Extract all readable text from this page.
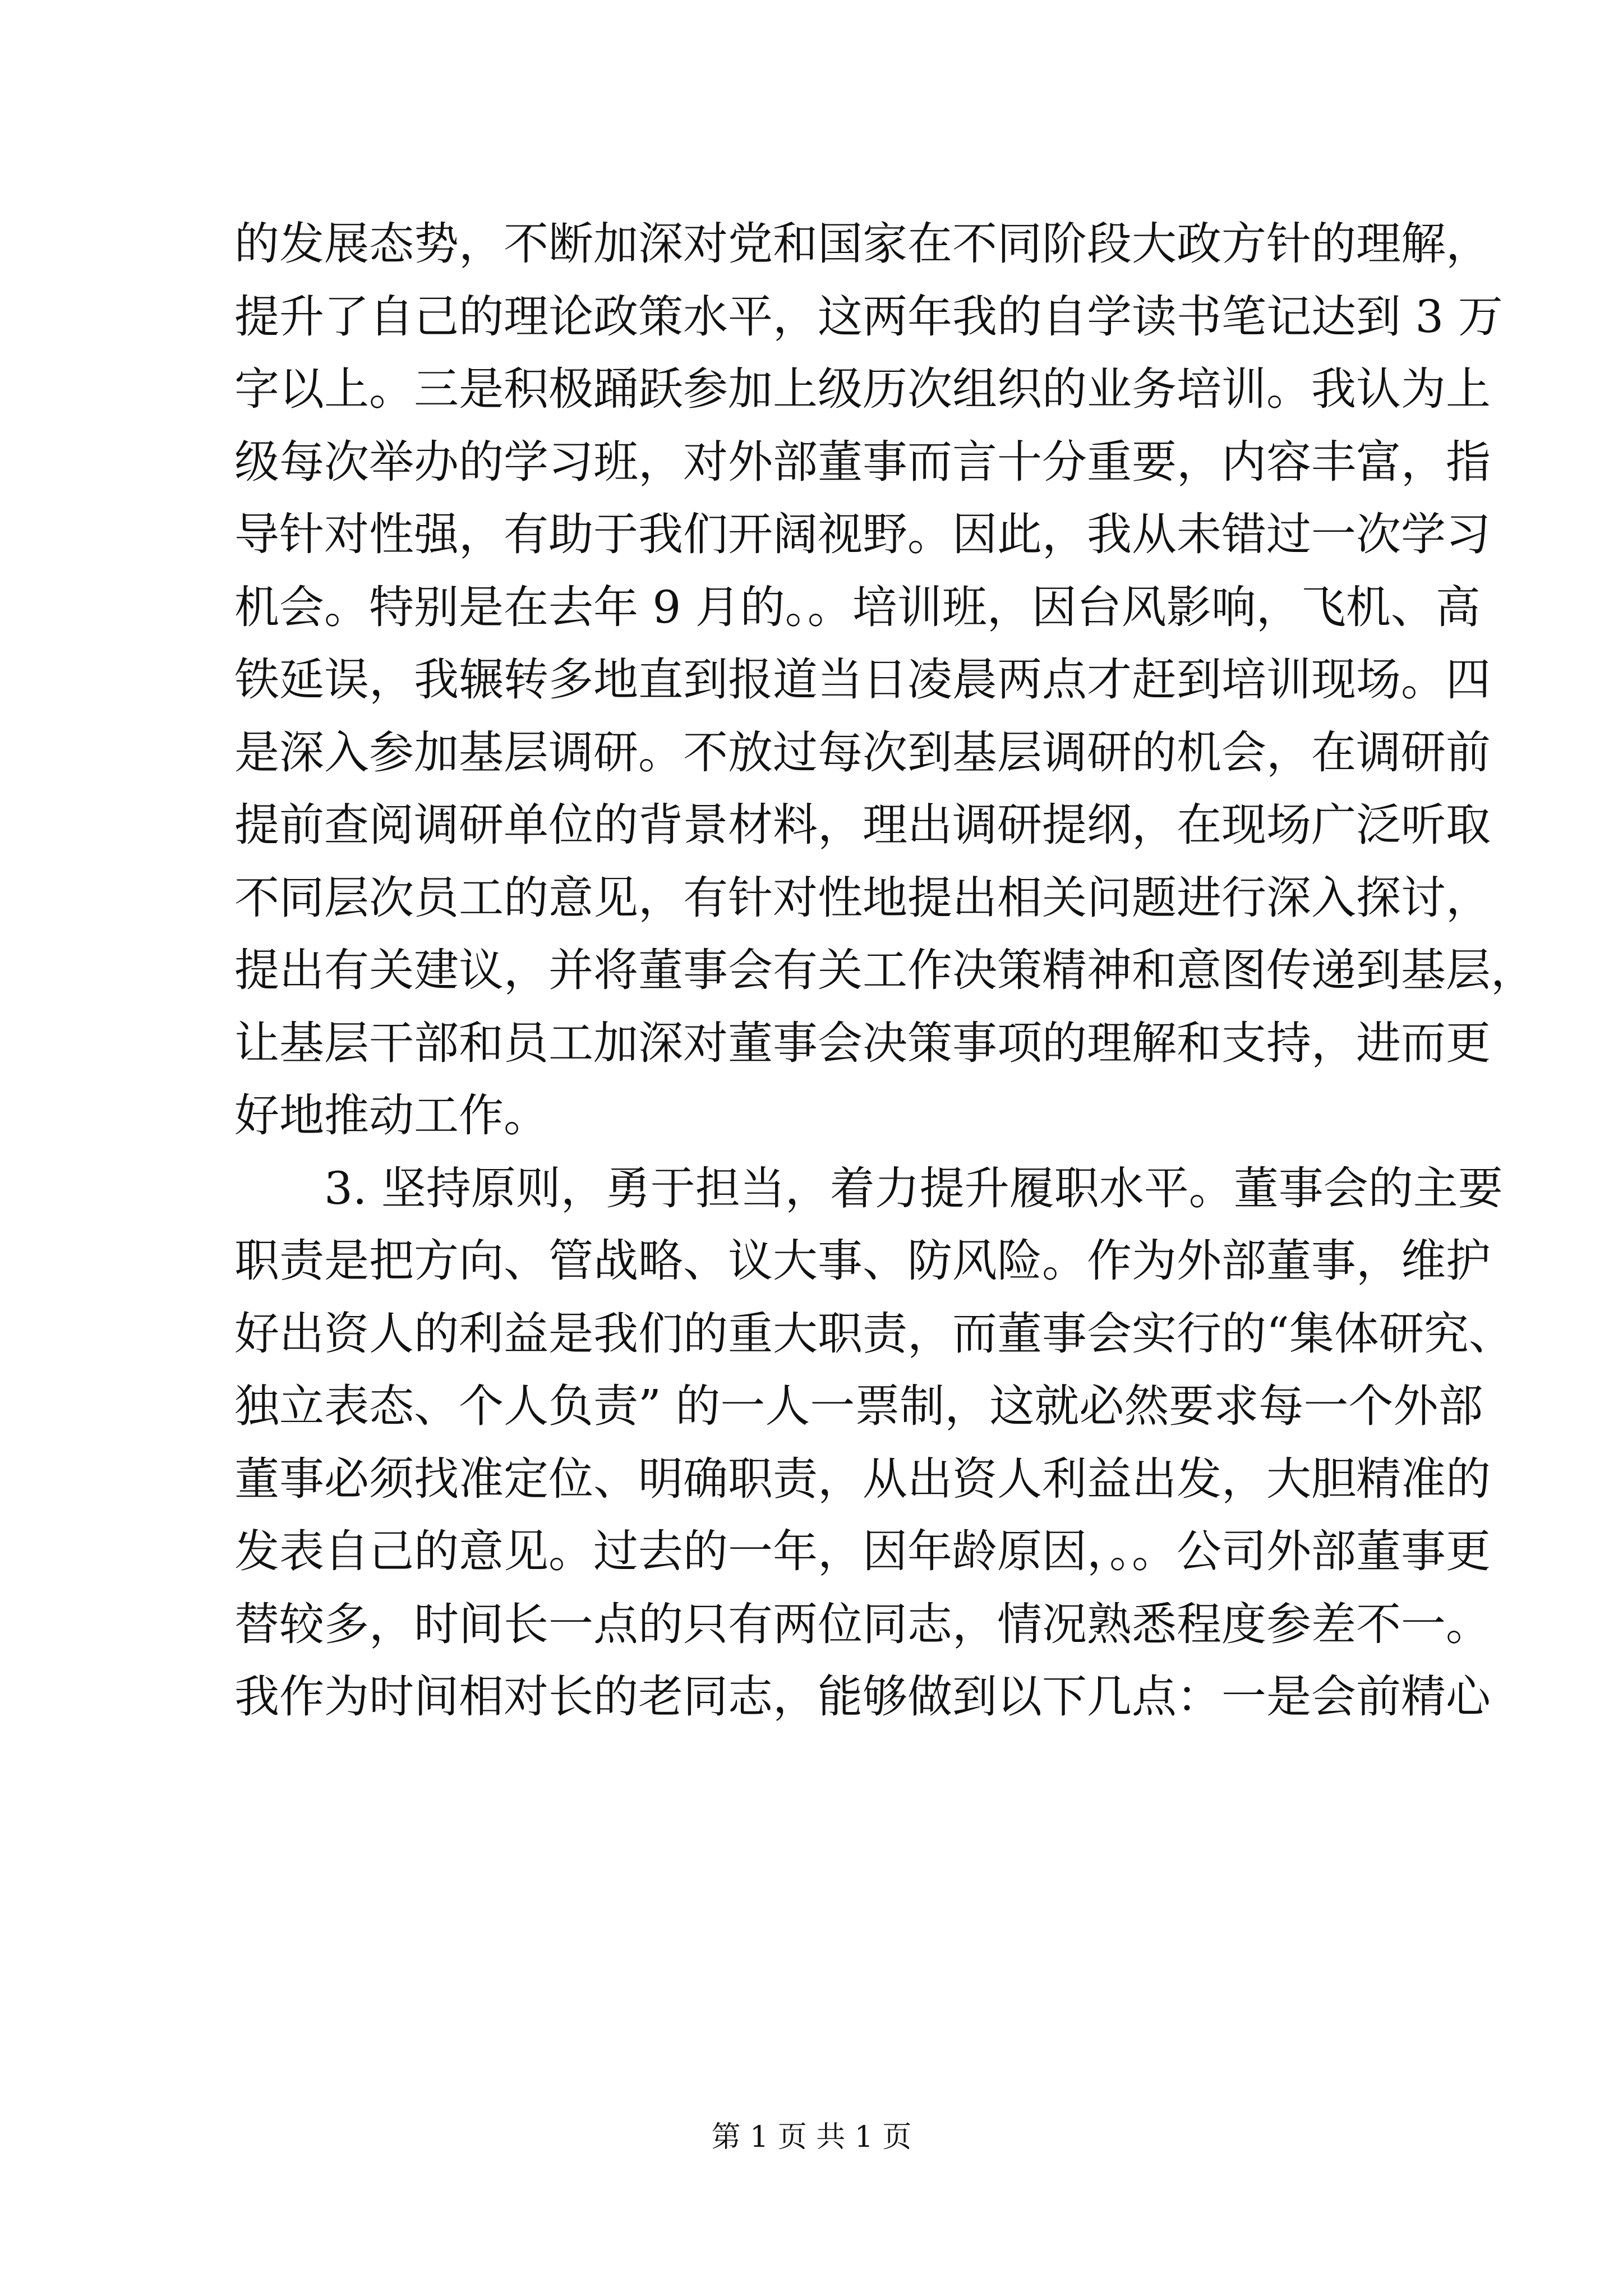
的发展态势，不断加深对党和国家在不同阶段大政方针的理解，
提升了自己的理论政策水平，这两年我的自学读书笔记达到 3 万
字以上。三是积极踊跃参加上级历次组织的业务培训。我认为上
级每次举办的学习班，对外部董事而言十分重要，内容丰富，指
导针对性强，有助于我们开阔视野。因此，我从未错过一次学习
机会。特别是在去年 9 月的。。培训班，因台风影响，飞机、高
铁延误，我辗转多地直到报道当日凌晨两点才赶到培训现场。四
是深入参加基层调研。不放过每次到基层调研的机会，在调研前
提前查阅调研单位的背景材料，理出调研提纲，在现场广泛听取
不同层次员工的意见，有针对性地提出相关问题进行深入探讨，
提出有关建议，并将董事会有关工作决策精神和意图传递到基层，
让基层干部和员工加深对董事会决策事项的理解和支持，进而更
好地推动工作。
3. 坚持原则，勇于担当，着力提升履职水平。董事会的主要
职责是把方向、管战略、议大事、防风险。作为外部董事，维护
好出资人的利益是我们的重大职责，而董事会实行的“集体研究、
独立表态、个人负责” 的一人一票制，这就必然要求每一个外部
董事必须找准定位、明确职责，从出资人利益出发，大胆精准的
发表自己的意见。过去的一年，因年龄原因，。。公司外部董事更
替较多，时间长一点的只有两位同志，情况熟悉程度参差不一。
我作为时间相对长的老同志，能够做到以下几点：一是会前精心
第 1 页 共 1 页
